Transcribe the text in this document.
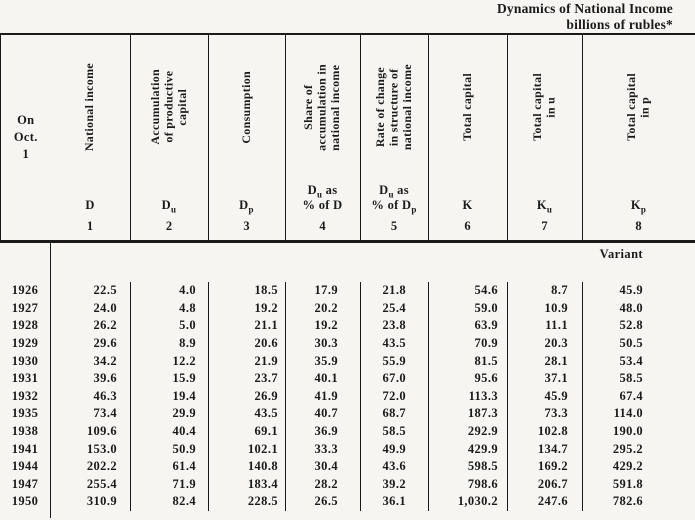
Dynamics of National Income
billions of rubles*
On
Oct.
1
National income
D
1
Accumulation of productive capital
$D_u$
2
Consumption
$D_p$
3
Share of accumulation in national income
$D_u$ as
% of D
4
Rate of change in structure of national income
$D_u$ as
% of $D_p$
5
Total capital
K
6
Total capital in u
$K_u$
7
Total capital in p
$K_p$
8
Variant
1926	22.5	4.0	18.5	17.9	21.8	54.6	8.7	45.9
1927	24.0	4.8	19.2	20.2	25.4	59.0	10.9	48.0
1928	26.2	5.0	21.1	19.2	23.8	63.9	11.1	52.8
1929	29.6	8.9	20.6	30.3	43.5	70.9	20.3	50.5
1930	34.2	12.2	21.9	35.9	55.9	81.5	28.1	53.4
1931	39.6	15.9	23.7	40.1	67.0	95.6	37.1	58.5
1932	46.3	19.4	26.9	41.9	72.0	113.3	45.9	67.4
1935	73.4	29.9	43.5	40.7	68.7	187.3	73.3	114.0
1938	109.6	40.4	69.1	36.9	58.5	292.9	102.8	190.0
1941	153.0	50.9	102.1	33.3	49.9	429.9	134.7	295.2
1944	202.2	61.4	140.8	30.4	43.6	598.5	169.2	429.2
1947	255.4	71.9	183.4	28.2	39.2	798.6	206.7	591.8
1950	310.9	82.4	228.5	26.5	36.1	1,030.2	247.6	782.6
